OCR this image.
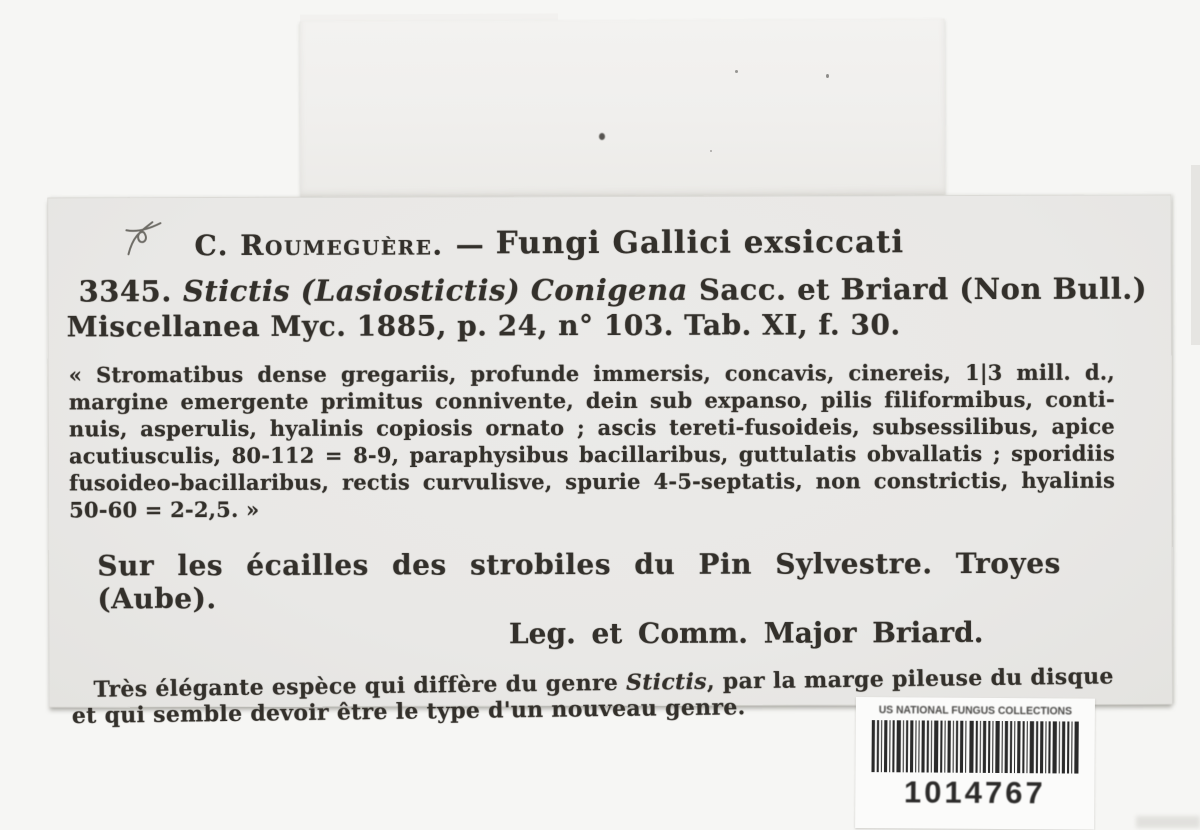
C. Roumeguère. — Fungi Gallici exsiccati
3345. Stictis (Lasiostictis) Conigena Sacc. et Briard (Non Bull.)
Miscellanea Myc. 1885, p. 24, n° 103. Tab. XI, f. 30.
« Stromatibus dense gregariis, profunde immersis, concavis, cinereis, 1|3 mill. d.,
margine emergente primitus connivente, dein sub expanso, pilis filiformibus, conti-
nuis, asperulis, hyalinis copiosis ornato ; ascis tereti-fusoideis, subsessilibus, apice
acutiusculis, 80-112 = 8-9, paraphysibus bacillaribus, guttulatis obvallatis ; sporidiis
fusoideo-bacillaribus, rectis curvulisve, spurie 4-5-septatis, non constrictis, hyalinis
50-60 = 2-2,5. »
Sur les écailles des strobiles du Pin Sylvestre. Troyes (Aube).
Leg. et Comm. Major Briard.
Très élégante espèce qui diffère du genre Stictis, par la marge pileuse du disque
et qui semble devoir être le type d'un nouveau genre.	US NATIONAL FUNGUS COLLECTIONS
1014767
